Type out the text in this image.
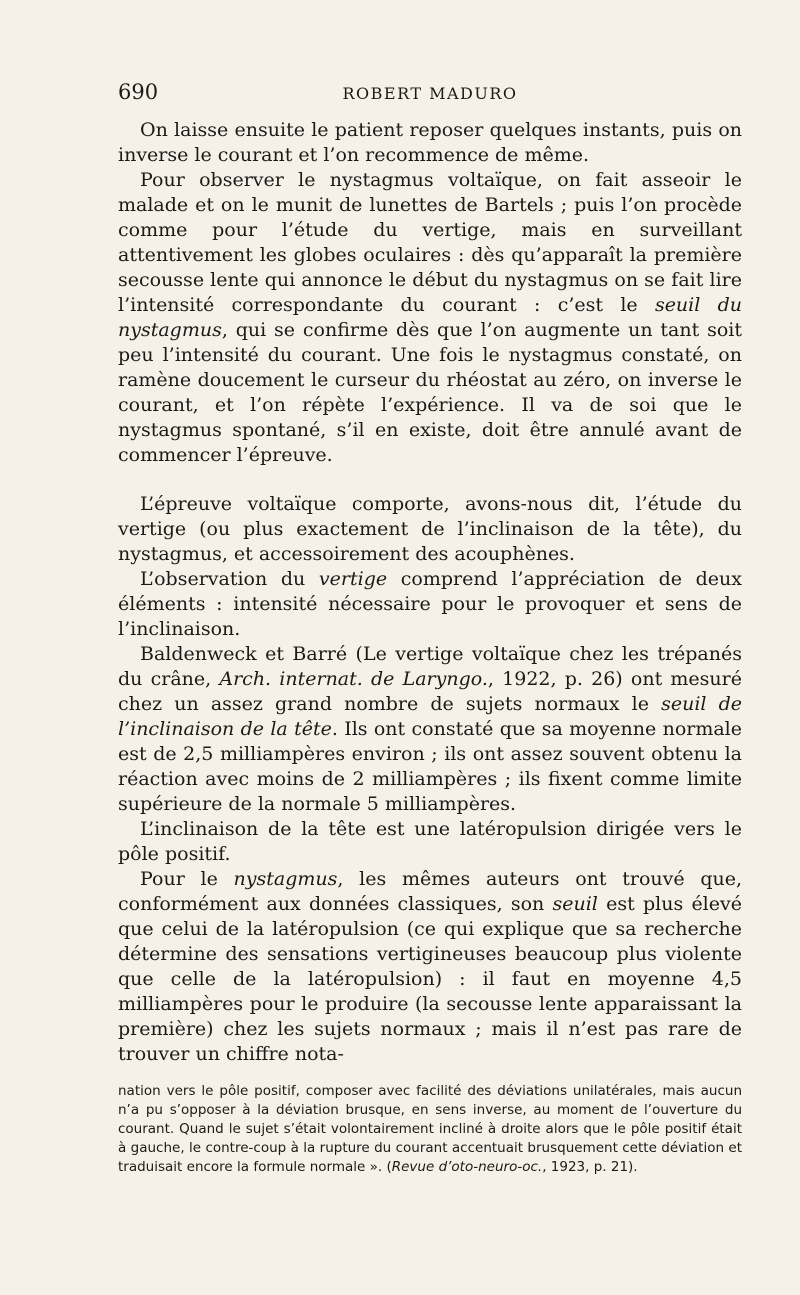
690	ROBERT MADURO

On laisse ensuite le patient reposer quelques instants, puis on inverse le courant et l’on recommence de même.

Pour observer le nystagmus voltaïque, on fait asseoir le malade et on le munit de lunettes de Bartels ; puis l’on procède comme pour l’étude du vertige, mais en surveillant attentivement les globes oculaires : dès qu’apparaît la première secousse lente qui annonce le début du nystagmus on se fait lire l’intensité correspondante du courant : c’est le seuil du nystagmus, qui se confirme dès que l’on augmente un tant soit peu l’intensité du courant. Une fois le nystagmus constaté, on ramène doucement le curseur du rhéostat au zéro, on inverse le courant, et l’on répète l’expérience. Il va de soi que le nystagmus spontané, s’il en existe, doit être annulé avant de commencer l’épreuve.

L’épreuve voltaïque comporte, avons-nous dit, l’étude du vertige (ou plus exactement de l’inclinaison de la tête), du nystagmus, et accessoirement des acouphènes.

L’observation du vertige comprend l’appréciation de deux éléments : intensité nécessaire pour le provoquer et sens de l’inclinaison.

Baldenweck et Barré (Le vertige voltaïque chez les trépanés du crâne, Arch. internat. de Laryngo., 1922, p. 26) ont mesuré chez un assez grand nombre de sujets normaux le seuil de l’inclinaison de la tête. Ils ont constaté que sa moyenne normale est de 2,5 milliampères environ ; ils ont assez souvent obtenu la réaction avec moins de 2 milliampères ; ils fixent comme limite supérieure de la normale 5 milliampères.

L’inclinaison de la tête est une latéropulsion dirigée vers le pôle positif.

Pour le nystagmus, les mêmes auteurs ont trouvé que, conformément aux données classiques, son seuil est plus élevé que celui de la latéropulsion (ce qui explique que sa recherche détermine des sensations vertigineuses beaucoup plus violente que celle de la latéropulsion) : il faut en moyenne 4,5 milliampères pour le produire (la secousse lente apparaissant la première) chez les sujets normaux ; mais il n’est pas rare de trouver un chiffre nota-

nation vers le pôle positif, composer avec facilité des déviations unilatérales, mais aucun n’a pu s’opposer à la déviation brusque, en sens inverse, au moment de l’ouverture du courant. Quand le sujet s’était volontairement incliné à droite alors que le pôle positif était à gauche, le contre-coup à la rupture du courant accentuait brusquement cette déviation et traduisait encore la formule normale ». (Revue d’oto-neuro-oc., 1923, p. 21).
